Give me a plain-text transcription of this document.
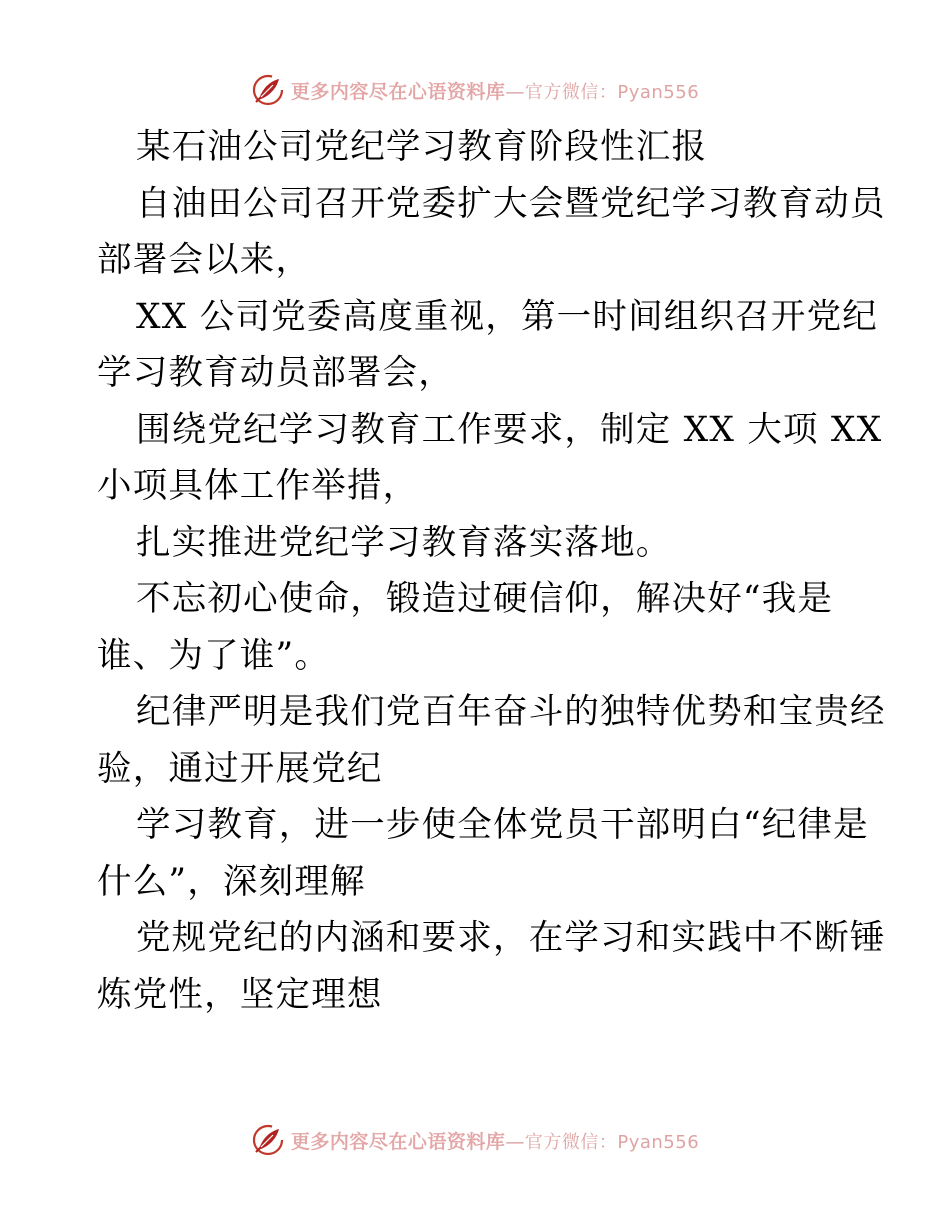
更多内容尽在心语资料库—官方微信：Pyan556
某石油公司党纪学习教育阶段性汇报
自油田公司召开党委扩大会暨党纪学习教育动员
部署会以来，
XX 公司党委高度重视，第一时间组织召开党纪
学习教育动员部署会，
围绕党纪学习教育工作要求，制定 XX 大项 XX
小项具体工作举措，
扎实推进党纪学习教育落实落地。
不忘初心使命，锻造过硬信仰，解决好“我是
谁、为了谁”。
纪律严明是我们党百年奋斗的独特优势和宝贵经
验，通过开展党纪
学习教育，进一步使全体党员干部明白“纪律是
什么”，深刻理解
党规党纪的内涵和要求，在学习和实践中不断锤
炼党性，坚定理想
更多内容尽在心语资料库—官方微信：Pyan556
